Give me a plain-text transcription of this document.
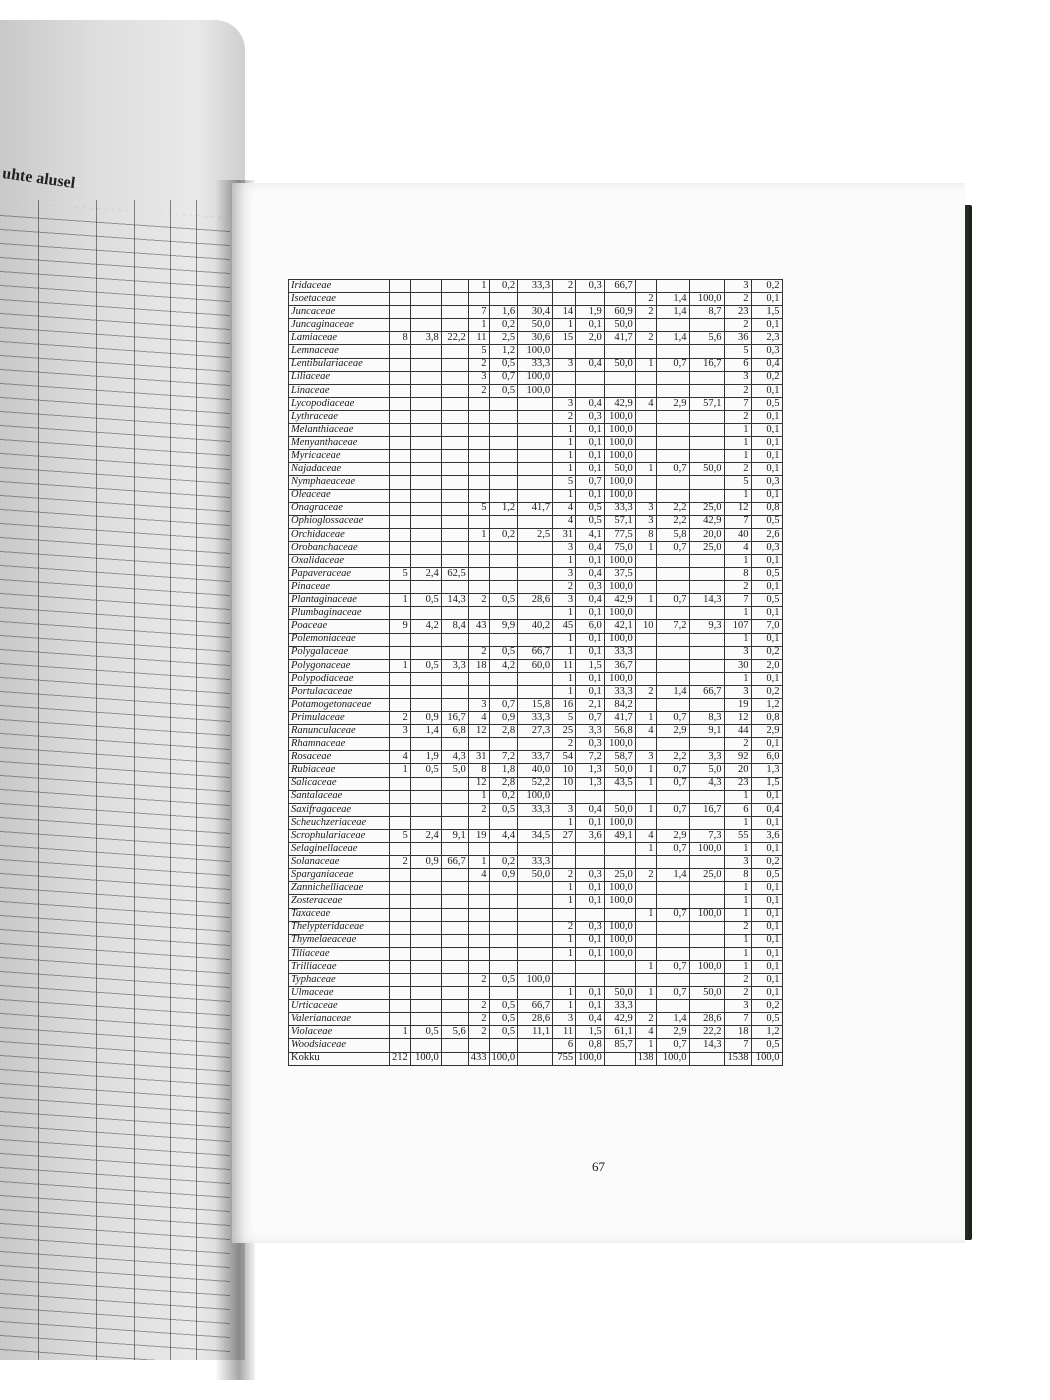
uhte alusel
Iridaceae				1	0,2	33,3	2	0,3	66,7				3	0,2
Isoetaceae										2	1,4	100,0	2	0,1
Juncaceae				7	1,6	30,4	14	1,9	60,9	2	1,4	8,7	23	1,5
Juncaginaceae				1	0,2	50,0	1	0,1	50,0				2	0,1
Lamiaceae	8	3,8	22,2	11	2,5	30,6	15	2,0	41,7	2	1,4	5,6	36	2,3
Lemnaceae				5	1,2	100,0							5	0,3
Lentibulariaceae				2	0,5	33,3	3	0,4	50,0	1	0,7	16,7	6	0,4
Liliaceae				3	0,7	100,0							3	0,2
Linaceae				2	0,5	100,0							2	0,1
Lycopodiaceae							3	0,4	42,9	4	2,9	57,1	7	0,5
Lythraceae							2	0,3	100,0				2	0,1
Melanthiaceae							1	0,1	100,0				1	0,1
Menyanthaceae							1	0,1	100,0				1	0,1
Myricaceae							1	0,1	100,0				1	0,1
Najadaceae							1	0,1	50,0	1	0,7	50,0	2	0,1
Nymphaeaceae							5	0,7	100,0				5	0,3
Oleaceae							1	0,1	100,0				1	0,1
Onagraceae				5	1,2	41,7	4	0,5	33,3	3	2,2	25,0	12	0,8
Ophioglossaceae							4	0,5	57,1	3	2,2	42,9	7	0,5
Orchidaceae				1	0,2	2,5	31	4,1	77,5	8	5,8	20,0	40	2,6
Orobanchaceae							3	0,4	75,0	1	0,7	25,0	4	0,3
Oxalidaceae							1	0,1	100,0				1	0,1
Papaveraceae	5	2,4	62,5				3	0,4	37,5				8	0,5
Pinaceae							2	0,3	100,0				2	0,1
Plantaginaceae	1	0,5	14,3	2	0,5	28,6	3	0,4	42,9	1	0,7	14,3	7	0,5
Plumbaginaceae							1	0,1	100,0				1	0,1
Poaceae	9	4,2	8,4	43	9,9	40,2	45	6,0	42,1	10	7,2	9,3	107	7,0
Polemoniaceae							1	0,1	100,0				1	0,1
Polygalaceae				2	0,5	66,7	1	0,1	33,3				3	0,2
Polygonaceae	1	0,5	3,3	18	4,2	60,0	11	1,5	36,7				30	2,0
Polypodiaceae							1	0,1	100,0				1	0,1
Portulacaceae							1	0,1	33,3	2	1,4	66,7	3	0,2
Potamogetonaceae				3	0,7	15,8	16	2,1	84,2				19	1,2
Primulaceae	2	0,9	16,7	4	0,9	33,3	5	0,7	41,7	1	0,7	8,3	12	0,8
Ranunculaceae	3	1,4	6,8	12	2,8	27,3	25	3,3	56,8	4	2,9	9,1	44	2,9
Rhamnaceae							2	0,3	100,0				2	0,1
Rosaceae	4	1,9	4,3	31	7,2	33,7	54	7,2	58,7	3	2,2	3,3	92	6,0
Rubiaceae	1	0,5	5,0	8	1,8	40,0	10	1,3	50,0	1	0,7	5,0	20	1,3
Salicaceae				12	2,8	52,2	10	1,3	43,5	1	0,7	4,3	23	1,5
Santalaceae				1	0,2	100,0							1	0,1
Saxifragaceae				2	0,5	33,3	3	0,4	50,0	1	0,7	16,7	6	0,4
Scheuchzeriaceae							1	0,1	100,0				1	0,1
Scrophulariaceae	5	2,4	9,1	19	4,4	34,5	27	3,6	49,1	4	2,9	7,3	55	3,6
Selaginellaceae										1	0,7	100,0	1	0,1
Solanaceae	2	0,9	66,7	1	0,2	33,3							3	0,2
Sparganiaceae				4	0,9	50,0	2	0,3	25,0	2	1,4	25,0	8	0,5
Zannichelliaceae							1	0,1	100,0				1	0,1
Zosteraceae							1	0,1	100,0				1	0,1
Taxaceae										1	0,7	100,0	1	0,1
Thelypteridaceae							2	0,3	100,0				2	0,1
Thymelaeaceae							1	0,1	100,0				1	0,1
Tiliaceae							1	0,1	100,0				1	0,1
Trilliaceae										1	0,7	100,0	1	0,1
Typhaceae				2	0,5	100,0							2	0,1
Ulmaceae							1	0,1	50,0	1	0,7	50,0	2	0,1
Urticaceae				2	0,5	66,7	1	0,1	33,3				3	0,2
Valerianaceae				2	0,5	28,6	3	0,4	42,9	2	1,4	28,6	7	0,5
Violaceae	1	0,5	5,6	2	0,5	11,1	11	1,5	61,1	4	2,9	22,2	18	1,2
Woodsiaceae							6	0,8	85,7	1	0,7	14,3	7	0,5
Kokku	212	100,0		433	100,0		755	100,0		138	100,0		1538	100,0
67
